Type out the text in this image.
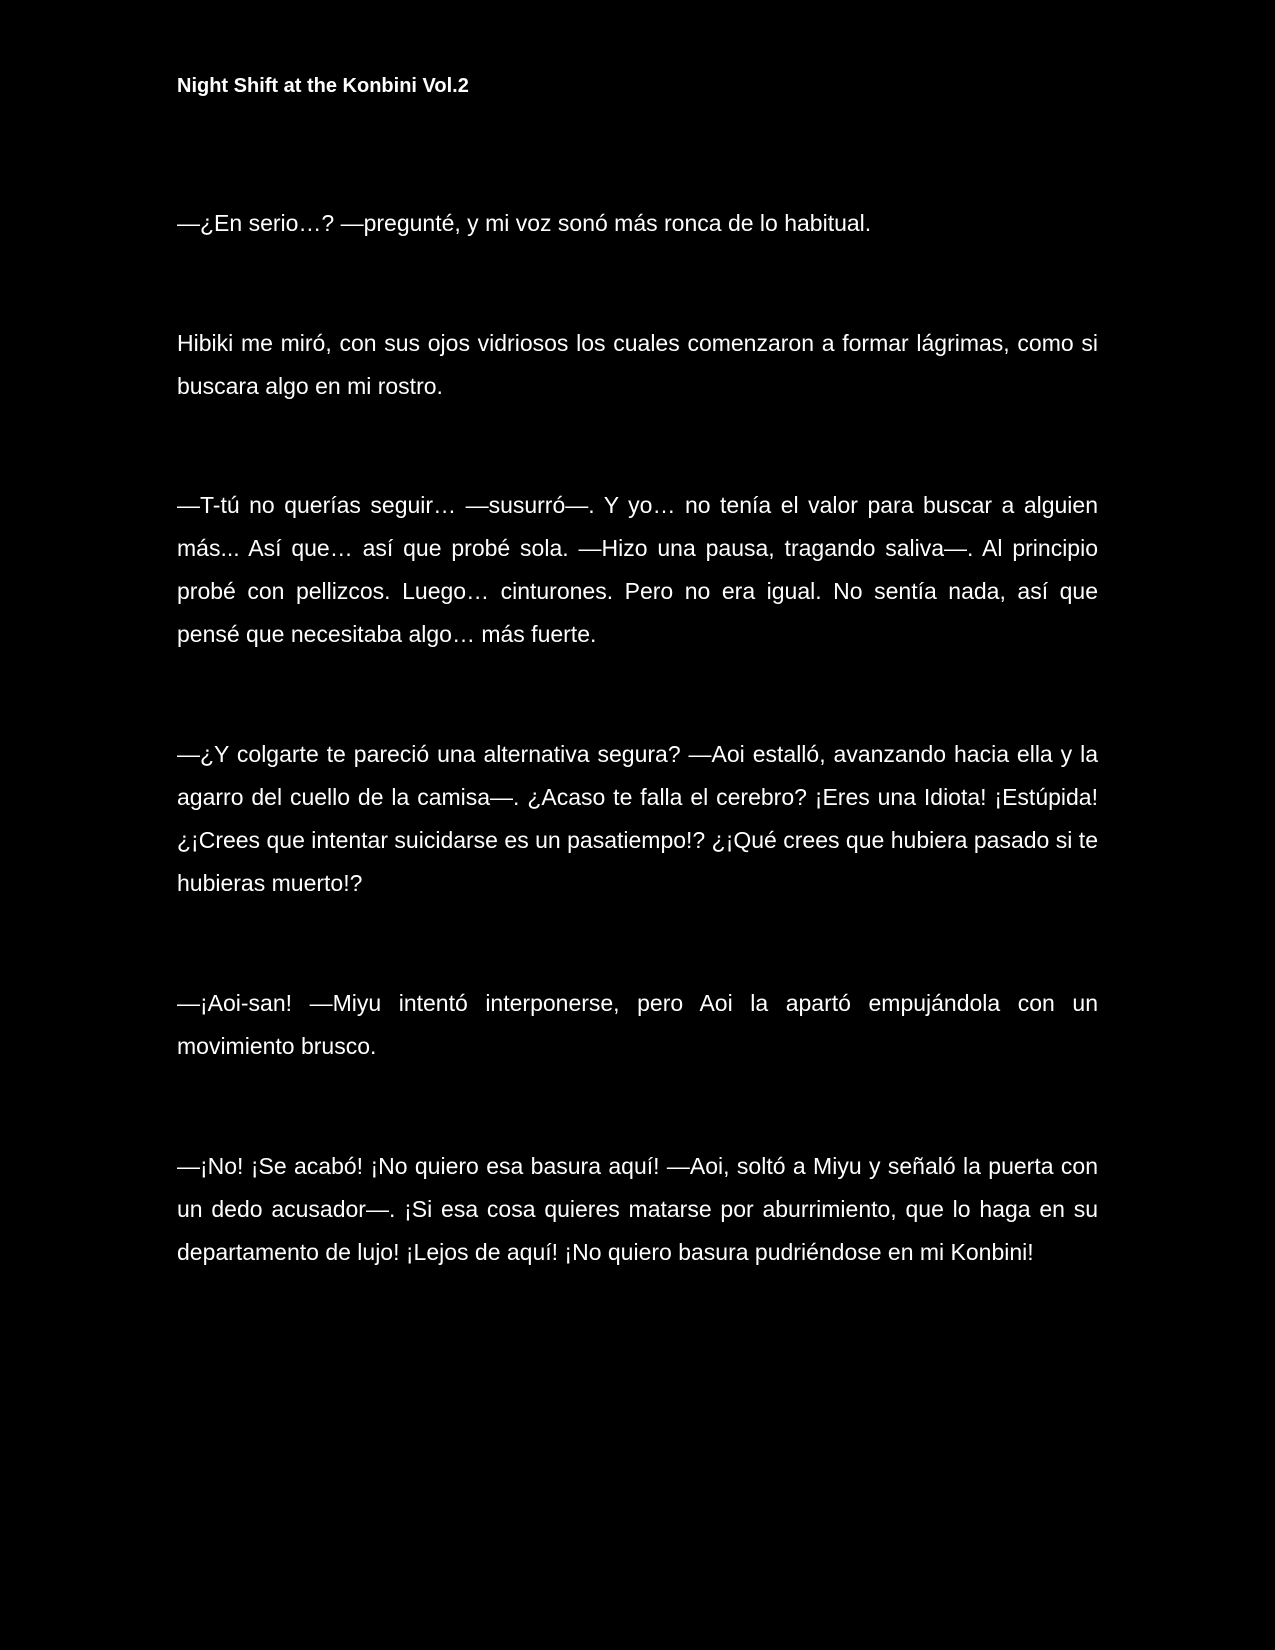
Night Shift at the Konbini Vol.2

—¿En serio…? —pregunté, y mi voz sonó más ronca de lo habitual.

Hibiki me miró, con sus ojos vidriosos los cuales comenzaron a formar lágrimas, como si buscara algo en mi rostro.

—T-tú no querías seguir… —susurró—. Y yo… no tenía el valor para buscar a alguien más... Así que… así que probé sola. —Hizo una pausa, tragando saliva—. Al principio probé con pellizcos. Luego… cinturones. Pero no era igual. No sentía nada, así que pensé que necesitaba algo… más fuerte.

—¿Y colgarte te pareció una alternativa segura? —Aoi estalló, avanzando hacia ella y la agarro del cuello de la camisa—. ¿Acaso te falla el cerebro? ¡Eres una Idiota! ¡Estúpida! ¿¡Crees que intentar suicidarse es un pasatiempo!? ¿¡Qué crees que hubiera pasado si te hubieras muerto!?

—¡Aoi-san! —Miyu intentó interponerse, pero Aoi la apartó empujándola con un movimiento brusco.

—¡No! ¡Se acabó! ¡No quiero esa basura aquí! —Aoi, soltó a Miyu y señaló la puerta con un dedo acusador—. ¡Si esa cosa quieres matarse por aburrimiento, que lo haga en su departamento de lujo! ¡Lejos de aquí! ¡No quiero basura pudriéndose en mi Konbini!
